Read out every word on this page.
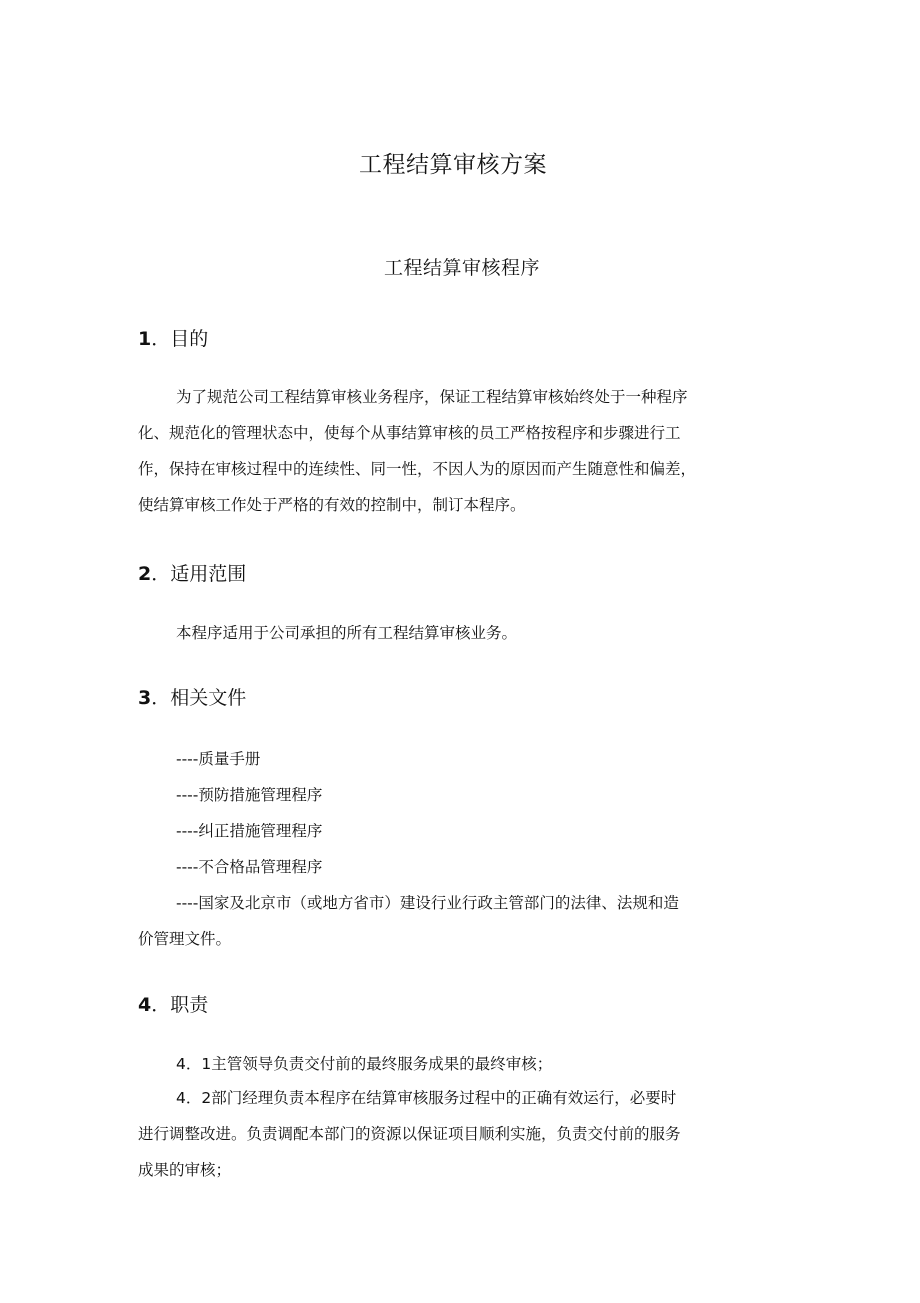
工程结算审核方案
工程结算审核程序
1．目的
为了规范公司工程结算审核业务程序，保证工程结算审核始终处于一种程序
化、规范化的管理状态中，使每个从事结算审核的员工严格按程序和步骤进行工
作，保持在审核过程中的连续性、同一性，不因人为的原因而产生随意性和偏差，
使结算审核工作处于严格的有效的控制中，制订本程序。
2．适用范围
本程序适用于公司承担的所有工程结算审核业务。
3．相关文件
----质量手册
----预防措施管理程序
----纠正措施管理程序
----不合格品管理程序
----国家及北京市（或地方省市）建设行业行政主管部门的法律、法规和造
价管理文件。
4．职责
4．1主管领导负责交付前的最终服务成果的最终审核；
4．2部门经理负责本程序在结算审核服务过程中的正确有效运行，必要时
进行调整改进。负责调配本部门的资源以保证项目顺利实施，负责交付前的服务
成果的审核；
